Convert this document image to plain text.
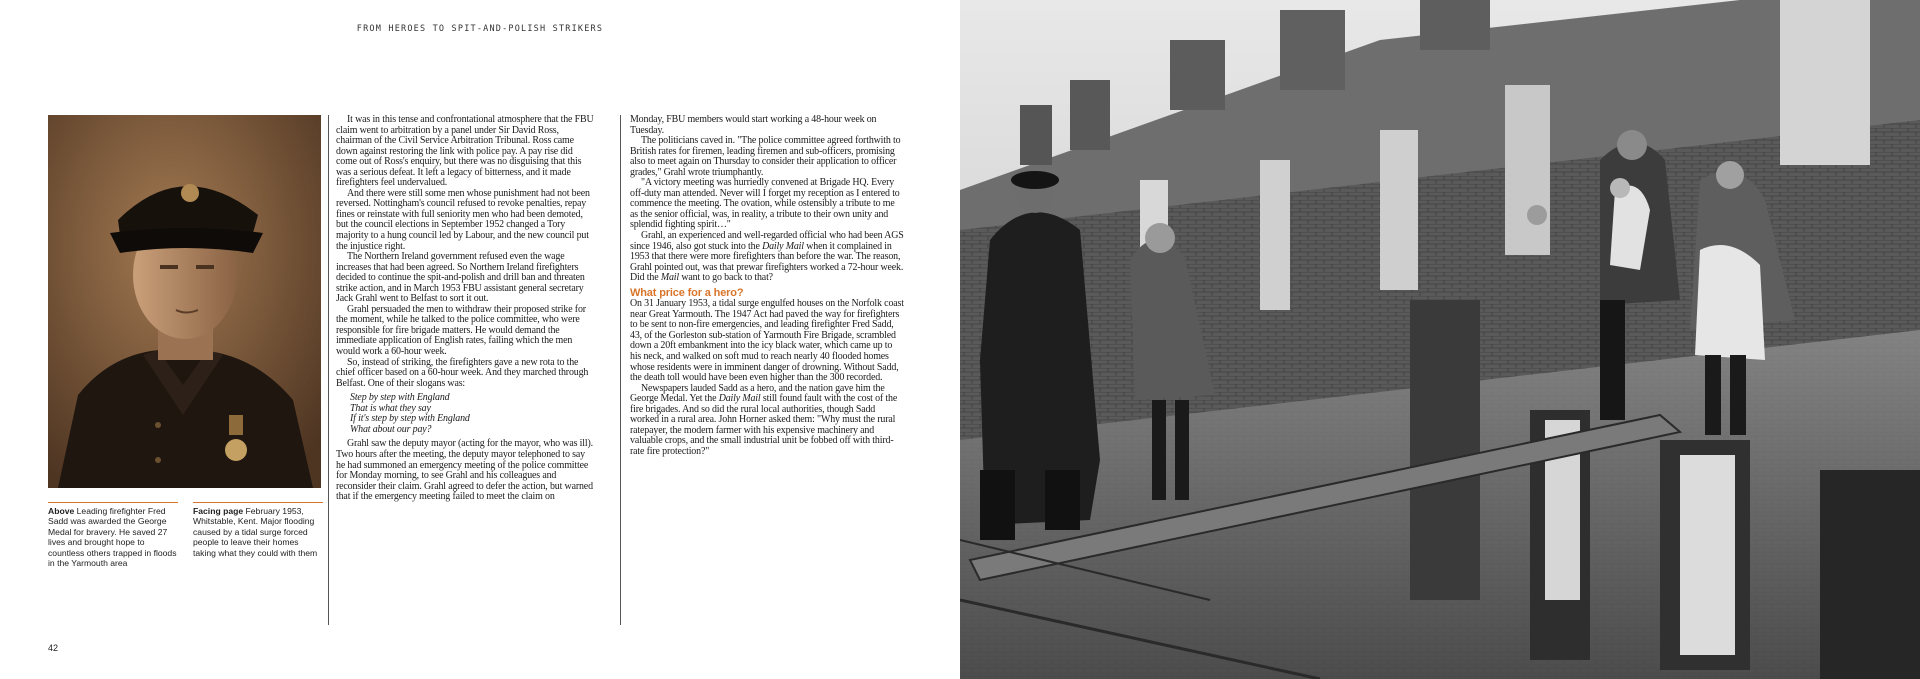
FROM HEROES TO SPIT-AND-POLISH STRIKERS
Above Leading firefighter Fred Sadd was awarded the George Medal for bravery. He saved 27 lives and brought hope to countless others trapped in floods in the Yarmouth area
Facing page February 1953, Whitstable, Kent. Major flooding caused by a tidal surge forced people to leave their homes taking what they could with them

It was in this tense and confrontational atmosphere that the FBU claim went to arbitration by a panel under Sir David Ross, chairman of the Civil Service Arbitration Tribunal. Ross came down against restoring the link with police pay. A pay rise did come out of Ross's enquiry, but there was no disguising that this was a serious defeat. It left a legacy of bitterness, and it made firefighters feel undervalued.

And there were still some men whose punishment had not been reversed. Nottingham's council refused to revoke penalties, repay fines or reinstate with full seniority men who had been demoted, but the council elections in September 1952 changed a Tory majority to a hung council led by Labour, and the new council put the injustice right.

The Northern Ireland government refused even the wage increases that had been agreed. So Northern Ireland firefighters decided to continue the spit-and-polish and drill ban and threaten strike action, and in March 1953 FBU assistant general secretary Jack Grahl went to Belfast to sort it out.

Grahl persuaded the men to withdraw their proposed strike for the moment, while he talked to the police committee, who were responsible for fire brigade matters. He would demand the immediate application of English rates, failing which the men would work a 60-hour week.

So, instead of striking, the firefighters gave a new rota to the chief officer based on a 60-hour week. And they marched through Belfast. One of their slogans was:

Step by step with England
That is what they say
If it's step by step with England
What about our pay?

Grahl saw the deputy mayor (acting for the mayor, who was ill). Two hours after the meeting, the deputy mayor telephoned to say he had summoned an emergency meeting of the police committee for Monday morning, to see Grahl and his colleagues and reconsider their claim. Grahl agreed to defer the action, but warned that if the emergency meeting failed to meet the claim on

Monday, FBU members would start working a 48-hour week on Tuesday.

The politicians caved in. "The police committee agreed forthwith to British rates for firemen, leading firemen and sub-officers, promising also to meet again on Thursday to consider their application to officer grades," Grahl wrote triumphantly.

"A victory meeting was hurriedly convened at Brigade HQ. Every off-duty man attended. Never will I forget my reception as I entered to commence the meeting. The ovation, while ostensibly a tribute to me as the senior official, was, in reality, a tribute to their own unity and splendid fighting spirit…"

Grahl, an experienced and well-regarded official who had been AGS since 1946, also got stuck into the Daily Mail when it complained in 1953 that there were more firefighters than before the war. The reason, Grahl pointed out, was that prewar firefighters worked a 72-hour week. Did the Mail want to go back to that?

What price for a hero?

On 31 January 1953, a tidal surge engulfed houses on the Norfolk coast near Great Yarmouth. The 1947 Act had paved the way for firefighters to be sent to non-fire emergencies, and leading firefighter Fred Sadd, 43, of the Gorleston sub-station of Yarmouth Fire Brigade, scrambled down a 20ft embankment into the icy black water, which came up to his neck, and walked on soft mud to reach nearly 40 flooded homes whose residents were in imminent danger of drowning. Without Sadd, the death toll would have been even higher than the 300 recorded.

Newspapers lauded Sadd as a hero, and the nation gave him the George Medal. Yet the Daily Mail still found fault with the cost of the fire brigades. And so did the rural local authorities, though Sadd worked in a rural area. John Horner asked them: "Why must the rural ratepayer, the modern farmer with his expensive machinery and valuable crops, and the small industrial unit be fobbed off with third-rate fire protection?"

42
